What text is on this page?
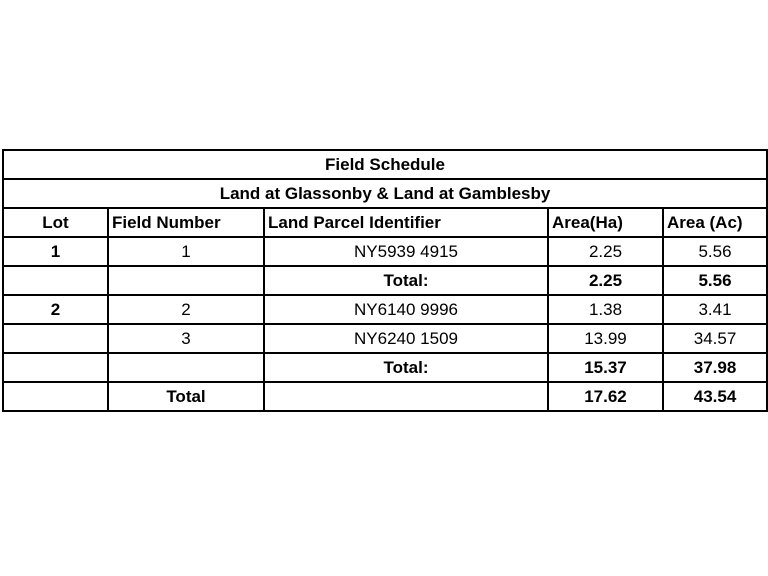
Field Schedule				
Land at Glassonby & Land at Gamblesby				
Lot	Field Number	Land Parcel Identifier	Area(Ha)	Area (Ac)
1	1	NY5939 4915	2.25	5.56
		Total:	2.25	5.56
2	2	NY6140 9996	1.38	3.41
	3	NY6240 1509	13.99	34.57
		Total:	15.37	37.98
	Total		17.62	43.54
